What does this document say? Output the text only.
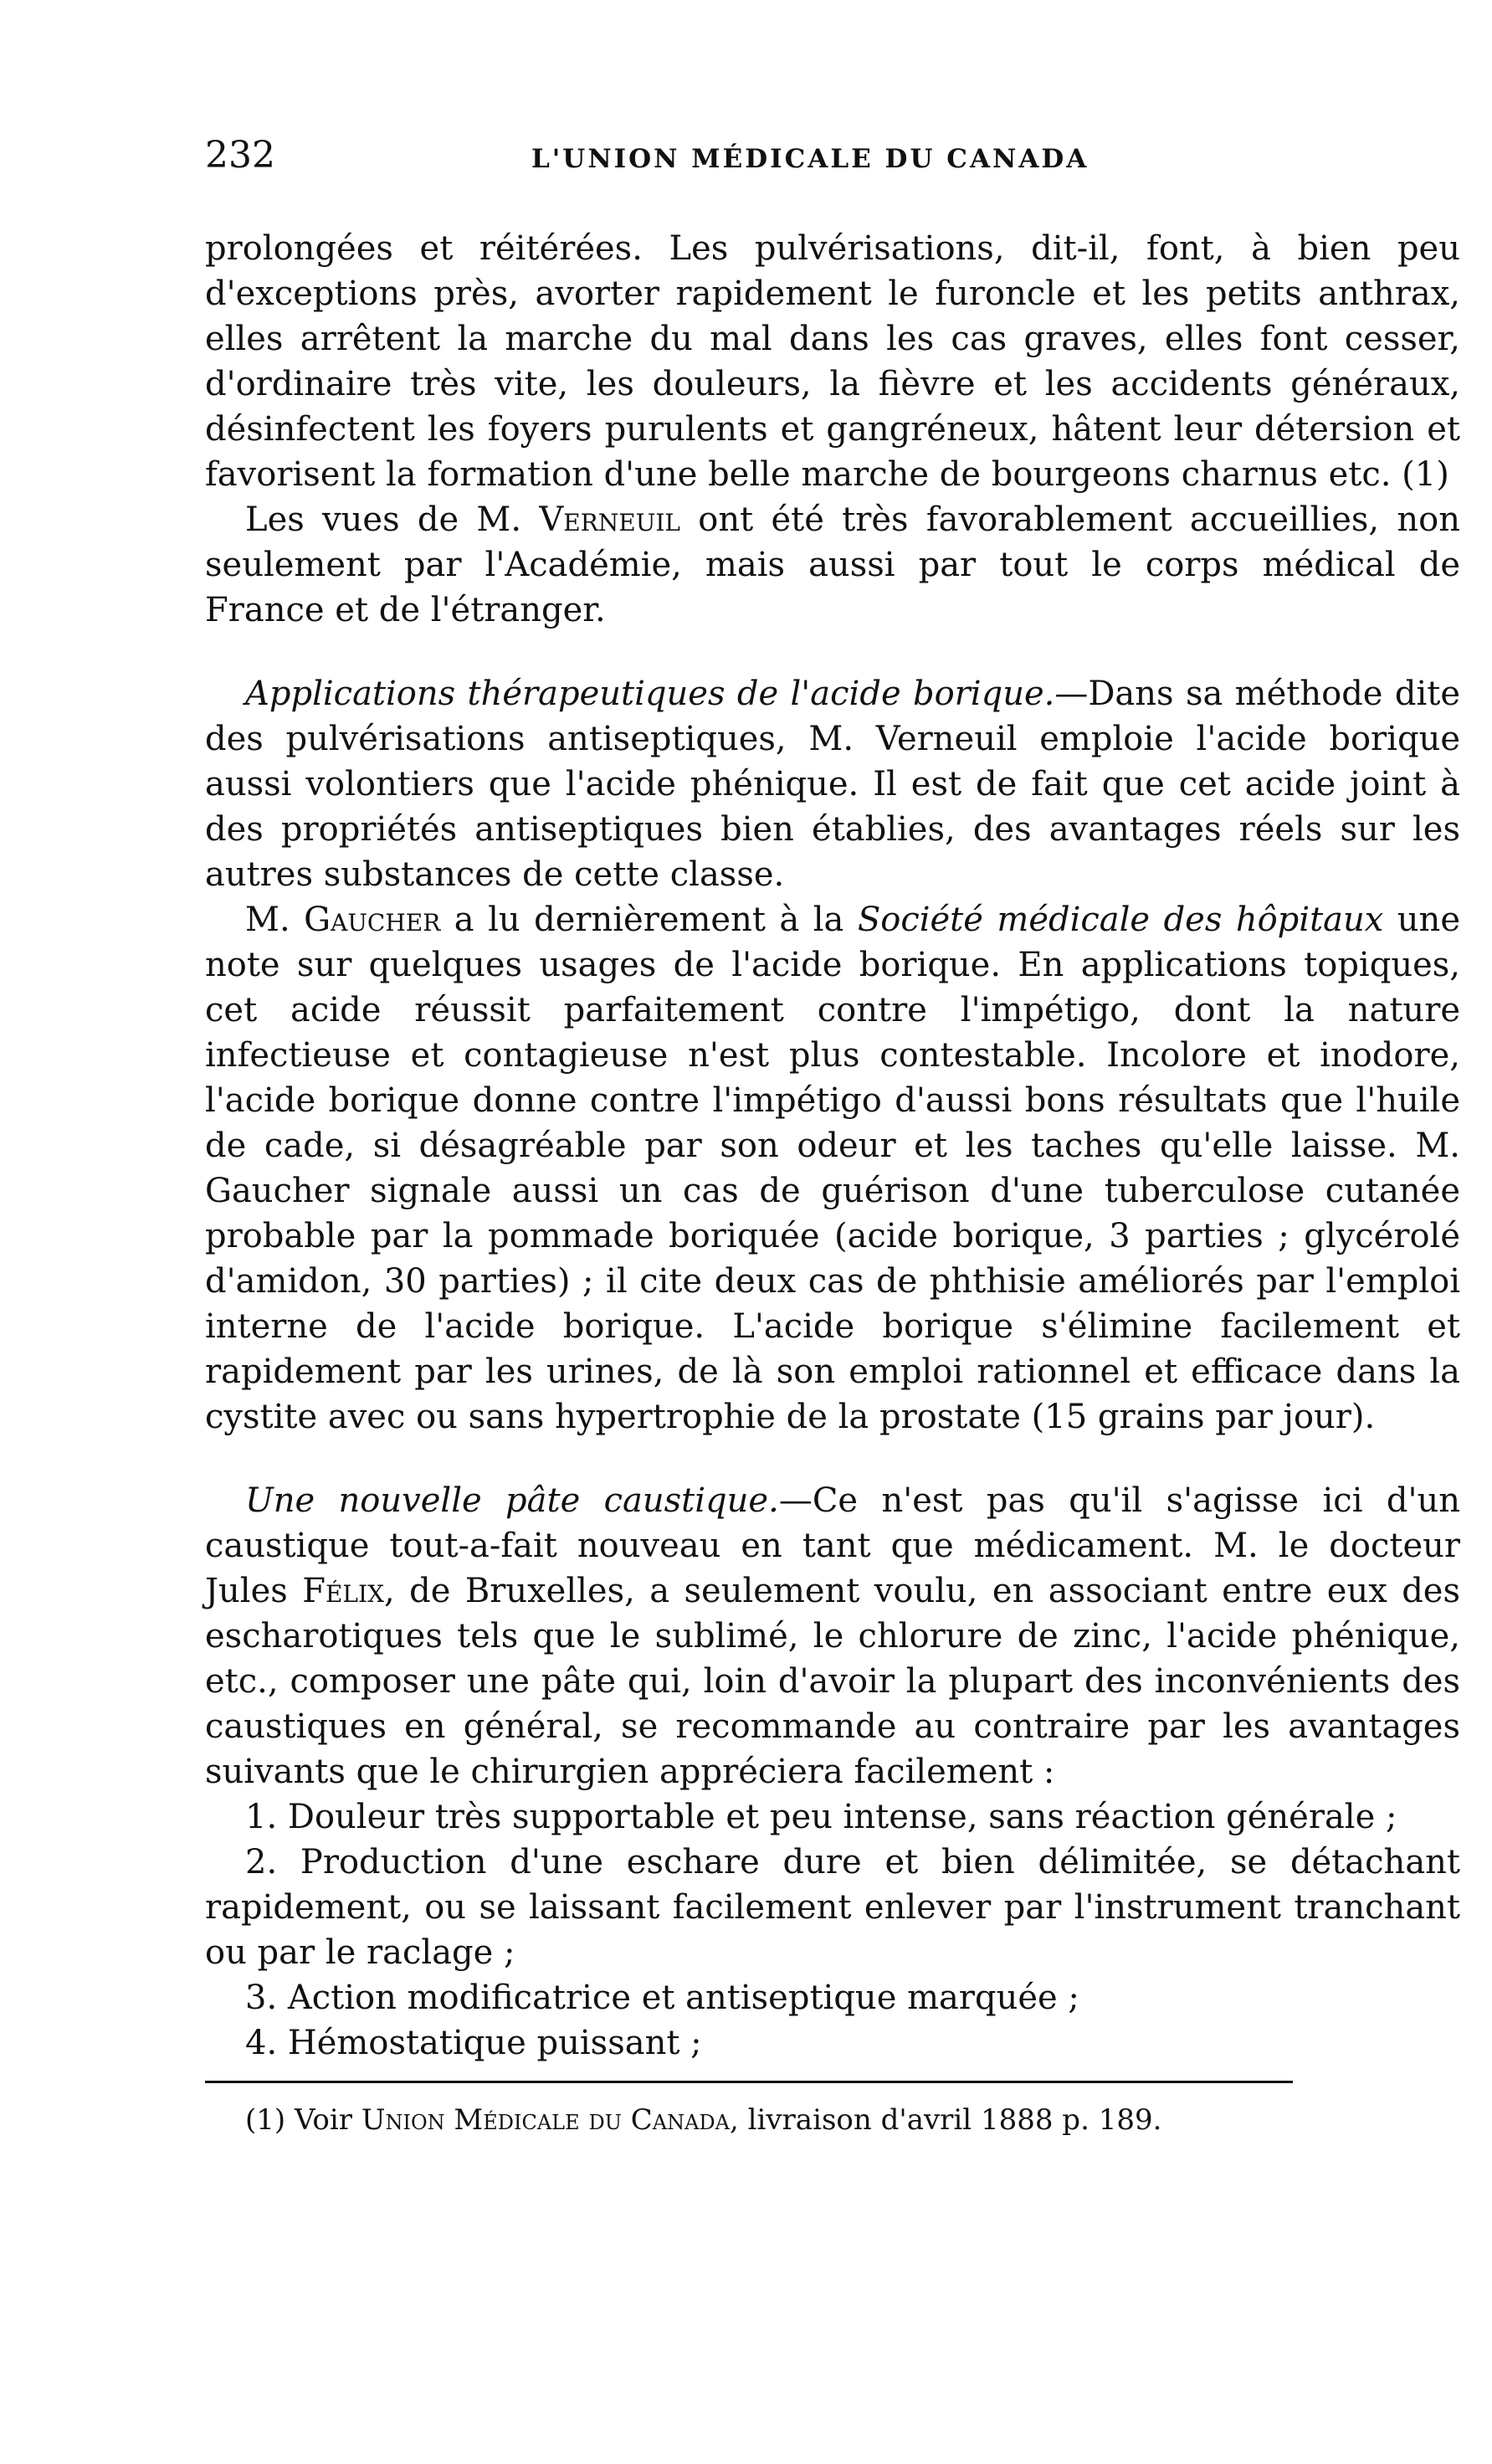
232	L'UNION MÉDICALE DU CANADA

prolongées et réitérées. Les pulvérisations, dit-il, font, à bien peu d'exceptions près, avorter rapidement le furoncle et les petits anthrax, elles arrêtent la marche du mal dans les cas graves, elles font cesser, d'ordinaire très vite, les douleurs, la fièvre et les accidents généraux, désinfectent les foyers purulents et gangréneux, hâtent leur détersion et favorisent la formation d'une belle marche de bourgeons charnus etc. (1)

Les vues de M. Verneuil ont été très favorablement accueillies, non seulement par l'Académie, mais aussi par tout le corps médical de France et de l'étranger.

Applications thérapeutiques de l'acide borique.—Dans sa méthode dite des pulvérisations antiseptiques, M. Verneuil emploie l'acide borique aussi volontiers que l'acide phénique. Il est de fait que cet acide joint à des propriétés antiseptiques bien établies, des avantages réels sur les autres substances de cette classe.

M. Gaucher a lu dernièrement à la Société médicale des hôpitaux une note sur quelques usages de l'acide borique. En applications topiques, cet acide réussit parfaitement contre l'impétigo, dont la nature infectieuse et contagieuse n'est plus contestable. Incolore et inodore, l'acide borique donne contre l'impétigo d'aussi bons résultats que l'huile de cade, si désagréable par son odeur et les taches qu'elle laisse. M. Gaucher signale aussi un cas de guérison d'une tuberculose cutanée probable par la pommade boriquée (acide borique, 3 parties ; glycérolé d'amidon, 30 parties) ; il cite deux cas de phthisie améliorés par l'emploi interne de l'acide borique. L'acide borique s'élimine facilement et rapidement par les urines, de là son emploi rationnel et efficace dans la cystite avec ou sans hypertrophie de la prostate (15 grains par jour).

Une nouvelle pâte caustique.—Ce n'est pas qu'il s'agisse ici d'un caustique tout-a-fait nouveau en tant que médicament. M. le docteur Jules Félix, de Bruxelles, a seulement voulu, en associant entre eux des escharotiques tels que le sublimé, le chlorure de zinc, l'acide phénique, etc., composer une pâte qui, loin d'avoir la plupart des inconvénients des caustiques en général, se recommande au contraire par les avantages suivants que le chirurgien appréciera facilement :

1. Douleur très supportable et peu intense, sans réaction générale ;

2. Production d'une eschare dure et bien délimitée, se détachant rapidement, ou se laissant facilement enlever par l'instrument tranchant ou par le raclage ;

3. Action modificatrice et antiseptique marquée ;

4. Hémostatique puissant ;

(1) Voir Union Médicale du Canada, livraison d'avril 1888 p. 189.
